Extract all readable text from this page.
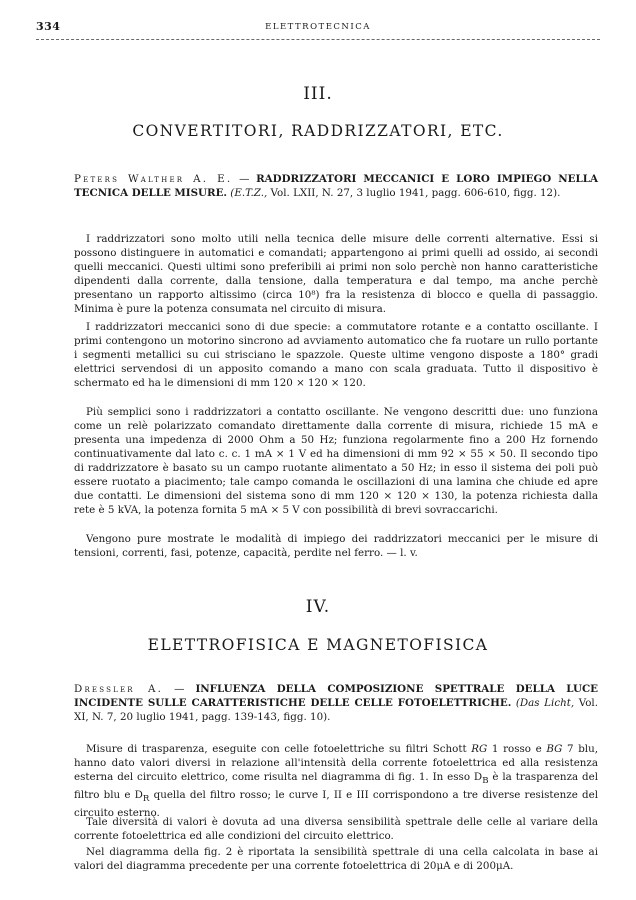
334	ELETTROTECNICA
III.
CONVERTITORI, RADDRIZZATORI, ETC.
Peters Walther A. E. — RADDRIZZATORI MECCANICI E LORO IMPIEGO NELLA TECNICA DELLE MISURE. (E.T.Z., Vol. LXII, N. 27, 3 luglio 1941, pagg. 606-610, figg. 12).
I raddrizzatori sono molto utili nella tecnica delle misure delle correnti alternative. Essi si possono distinguere in automatici e comandati; appartengono ai primi quelli ad ossido, ai secondi quelli meccanici. Questi ultimi sono preferibili ai primi non solo perchè non hanno caratteristiche dipendenti dalla corrente, dalla tensione, dalla temperatura e dal tempo, ma anche perchè presentano un rapporto altissimo (circa 10⁸) fra la resistenza di blocco e quella di passaggio. Minima è pure la potenza consumata nel circuito di misura.
I raddrizzatori meccanici sono di due specie: a commutatore rotante e a contatto oscillante. I primi contengono un motorino sincrono ad avviamento automatico che fa ruotare un rullo portante i segmenti metallici su cui strisciano le spazzole. Queste ultime vengono disposte a 180° gradi elettrici servendosi di un apposito comando a mano con scala graduata. Tutto il dispositivo è schermato ed ha le dimensioni di mm 120 × 120 × 120.
Più semplici sono i raddrizzatori a contatto oscillante. Ne vengono descritti due: uno funziona come un relè polarizzato comandato direttamente dalla corrente di misura, richiede 15 mA e presenta una impedenza di 2000 Ohm a 50 Hz; funziona regolarmente fino a 200 Hz fornendo continuativamente dal lato c. c. 1 mA × 1 V ed ha dimensioni di mm 92 × 55 × 50. Il secondo tipo di raddrizzatore è basato su un campo ruotante alimentato a 50 Hz; in esso il sistema dei poli può essere ruotato a piacimento; tale campo comanda le oscillazioni di una lamina che chiude ed apre due contatti. Le dimensioni del sistema sono di mm 120 × 120 × 130, la potenza richiesta dalla rete è 5 kVA, la potenza fornita 5 mA × 5 V con possibilità di brevi sovraccarichi.
Vengono pure mostrate le modalità di impiego dei raddrizzatori meccanici per le misure di tensioni, correnti, fasi, potenze, capacità, perdite nel ferro. — l. v.
IV.
ELETTROFISICA E MAGNETOFISICA
Dressler A. — INFLUENZA DELLA COMPOSIZIONE SPETTRALE DELLA LUCE INCIDENTE SULLE CARATTERISTICHE DELLE CELLE FOTOELETTRICHE. (Das Licht, Vol. XI, N. 7, 20 luglio 1941, pagg. 139-143, figg. 10).
Misure di trasparenza, eseguite con celle fotoelettriche su filtri Schott RG 1 rosso e BG 7 blu, hanno dato valori diversi in relazione all'intensità della corrente fotoelettrica ed alla resistenza esterna del circuito elettrico, come risulta nel diagramma di fig. 1. In esso $D_B$ è la trasparenza del filtro blu e $D_R$ quella del filtro rosso; le curve I, II e III corrispondono a tre diverse resistenze del circuito esterno.
Tale diversità di valori è dovuta ad una diversa sensibilità spettrale delle celle al variare della corrente fotoelettrica ed alle condizioni del circuito elettrico.
Nel diagramma della fig. 2 è riportata la sensibilità spettrale di una cella calcolata in base ai valori del diagramma precedente per una corrente fotoelettrica di 20μA e di 200μA.
